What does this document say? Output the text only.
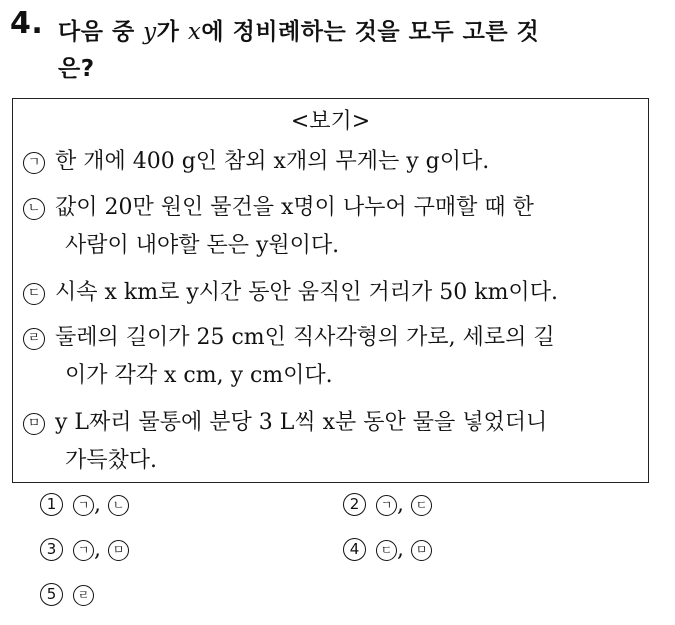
4. 다음 중 y가 x에 정비례하는 것을 모두 고른 것
은?
<보기>
ㄱ 한 개에 400 g인 참외 x개의 무게는 y g이다.
ㄴ 값이 20만 원인 물건을 x명이 나누어 구매할 때 한
사람이 내야할 돈은 y원이다.
ㄷ 시속 x km로 y시간 동안 움직인 거리가 50 km이다.
ㄹ 둘레의 길이가 25 cm인 직사각형의 가로, 세로의 길
이가 각각 x cm, y cm이다.
ㅁ y L짜리 물통에 분당 3 L씩 x분 동안 물을 넣었더니
가득찼다.
1 ㄱ , ㄴ	2 ㄱ , ㄷ
3 ㄱ , ㅁ	4 ㄷ , ㅁ
5 ㄹ
